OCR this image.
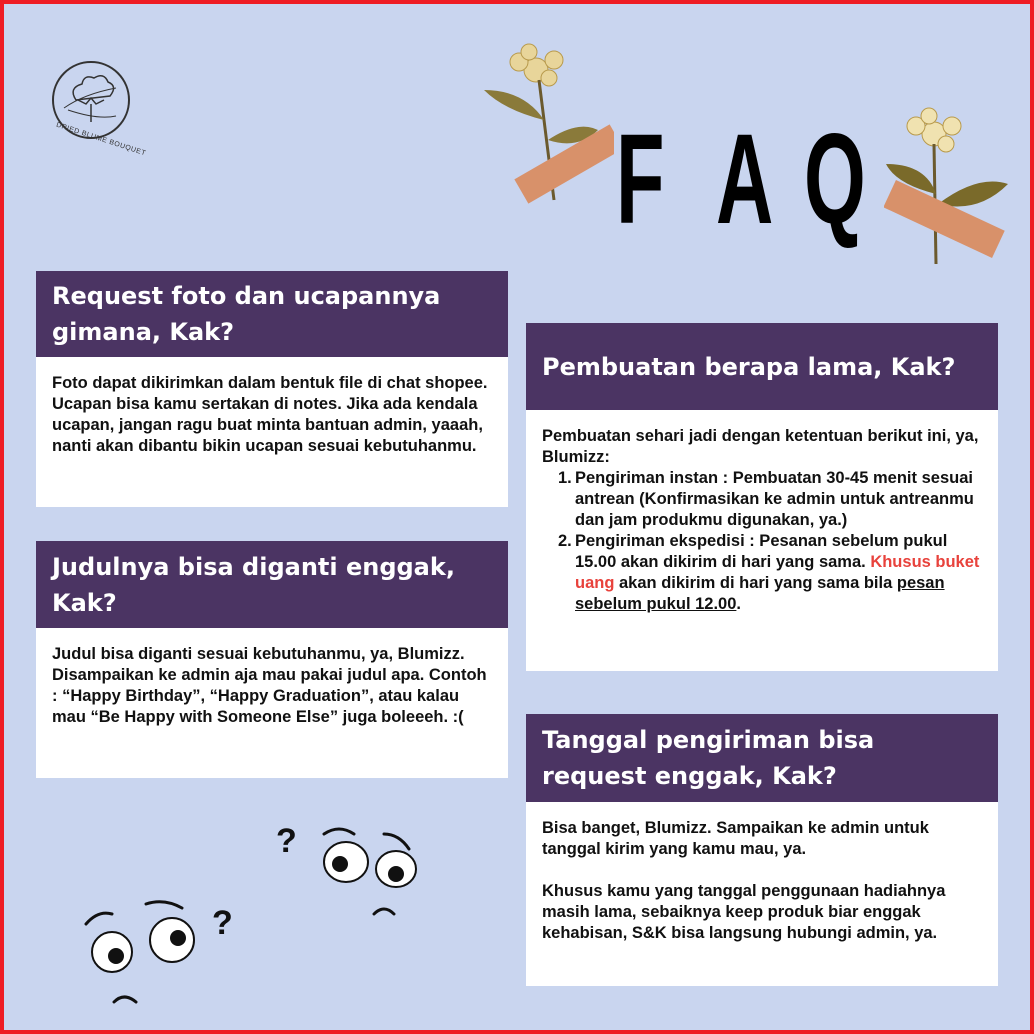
DRIED BLUME BOUQUET	F A Q
Request foto dan ucapannya gimana, Kak?
Foto dapat dikirimkan dalam bentuk file di chat shopee. Ucapan bisa kamu sertakan di notes. Jika ada kendala ucapan, jangan ragu buat minta bantuan admin, yaaah, nanti akan dibantu bikin ucapan sesuai kebutuhanmu.
Judulnya bisa diganti enggak, Kak?
Judul bisa diganti sesuai kebutuhanmu, ya, Blumizz. Disampaikan ke admin aja mau pakai judul apa. Contoh : “Happy Birthday”, “Happy Graduation”, atau kalau mau “Be Happy with Someone Else” juga boleeeh. :(
Pembuatan berapa lama, Kak?
Pembuatan sehari jadi dengan ketentuan berikut ini, ya, Blumizz:
1. Pengiriman instan : Pembuatan 30-45 menit sesuai antrean (Konfirmasikan ke admin untuk antreanmu dan jam produkmu digunakan, ya.)
2. Pengiriman ekspedisi : Pesanan sebelum pukul 15.00 akan dikirim di hari yang sama. Khusus buket uang akan dikirim di hari yang sama bila pesan sebelum pukul 12.00.
Tanggal pengiriman bisa request enggak, Kak?

Bisa banget, Blumizz. Sampaikan ke admin untuk tanggal kirim yang kamu mau, ya.

Khusus kamu yang tanggal penggunaan hadiahnya masih lama, sebaiknya keep produk biar enggak kehabisan, S&K bisa langsung hubungi admin, ya.

?
?
